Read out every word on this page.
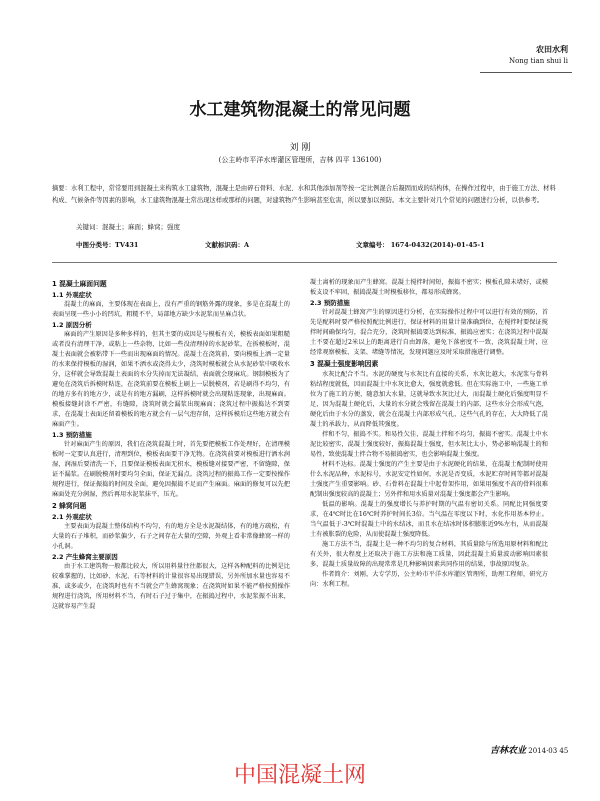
农田水利
Nong tian shui li
水工建筑物混凝土的常见问题
刘 刚
(公主岭市平洋水库灌区管理所，吉林 四平 136100)
摘要：水利工程中，常常要用到混凝土来构筑水工建筑物，混凝土是由碎石骨料、水泥、水和其他添加剂等按一定比例混合后凝固而成的结构体，在操作过程中，由于施工方法、材料构成、气候条件等因素的影响，水工建筑物混凝土常出现这样或那样的问题，对建筑物产生影响甚至危害，所以要加以预防。本文主要针对几个常见的问题进行分析，以供参考。
关键词：混凝土；麻面；蜂窝；强度
中图分类号：TV431	文献标识码：A	文章编号： 1674-0432(2014)-01-45-1

1 混凝土麻面问题

1.1 外观症状

混凝土的麻面，主要体现在表面上，没有严重的钢筋外露的现象，多是在混凝土的表面呈现一些小小的凹坑，粗糙不平，局部地方缺少水泥浆而呈麻点状。

1.2 原因分析

麻面的产生原因是多种多样的，但其主要的成因是与模板有关，模板表面如果粗糙或者没有清理干净，或粘上一些杂物，比如一些没清理掉的水泥砂浆，在拆模板时，混凝土表面就会被粘带下一些而出现麻面的情况。混凝土在浇筑前，要向模板上洒一定量的水来保持模板的湿润，如果不洒水或浇得太少，浇筑时模板就会从水泥砂浆中吸收水分，这样就会导致混凝土表面的水分失掉而无法凝结，表面就会现麻坑。钢制模板为了避免在浇筑后拆模时粘连，在浇筑前要在模板上刷上一层脱模剂，若是刷得不均匀，有的地方多有的地方少，或是有的地方漏刷，这样拆模时就会出现粘连现象，出现麻面。模板接缝封涂不严密，有缝隙，浇筑时就会漏浆出现麻面；浇筑过程中振捣达不到要求，在混凝土表面还留着模板的地方就会有一层气泡存留，这样拆模后这些地方就会有麻面产生。

1.3 预防措施

针对麻面产生的原因，我们在浇筑混凝土时，首先要把模板工作处理好，在清理模板时一定要认真进行，清理到位，模板表面要干净无物。在浇筑前要对模板进行洒水润湿，润湿后要清洗一下，且要保证模板表面无积水，模板缝对接要严密，不留缝隙，保证不漏浆。在刷脱模剂时要均匀全面，保证无漏点。浇筑过程的振捣工作一定要按操作规程进行，保证振捣的时间及全面，避免因振捣不足而产生麻面。麻面的修复可以先把麻面处充分润湿，然后再用水泥浆抹平，压光。

2 蜂窝问题

2.1 外观症状

主要表面为混凝土整体结构不均匀，有的地方全是水泥凝结体，有的地方疏松，有大量的石子堆积，而砂浆偏少，石子之间存在大量的空隙，外观上看非常像蜂窝一样的小孔洞。

2.2 产生蜂窝主要原因

由于水工建筑物一般都比较大，所以用料量往往都很大，这样各种配料的比例是比较难掌握的，比如砂、水泥、石等材料的计量很容易出现错误，另外所加水量也容易不准，或多或少，在浇筑时也有不当就会产生蜂窝现象；在浇筑时如果不能严格按照操作规程进行浇筑，所用材料不当，有时石子过于集中，在振捣过程中，水泥浆振不出来，这就容易产生混

凝土离析的现象而产生蜂窝。混凝土搅拌时间短，振捣不密实；模板孔隙未堵好，或模板支设不牢固，振捣混凝土时模板移位，都易形成蜂窝。

2.3 预防措施

针对混凝土蜂窝产生的原因进行分析，在实际操作过程中可以进行有效的预防，首先是配料时要严格按照配比例进行，保证材料的用量计量准确到位，在搅拌时要保证搅拌时间确保均匀，混合充分，浇筑时振捣要达到标准，振捣应密实；在浇筑过程中混凝土不要在超过2米以上的距离进行自由卸落，避免下落密度不一致，浇筑混凝土时，应经常观察模板、支架、堵缝等情况，发现问题应及时采取措施进行调整。

3 混凝土强度影响因素

水灰比配合不当。水泥的硬度与水灰比有直接的关系，水灰比越大，水泥浆与骨料粘结程度就低，因而混凝土中水灰比愈大，强度就愈低。但在实际施工中，一些施工单位为了施工的方便，随意加大水量，这就导致水灰比过大，而混凝土硬化后强度明显不足，因为混凝土硬化后，大量的水分就会残留在混凝土的内部，这些水分会形成气泡，硬化后由于水分的蒸发，就会在混凝土内部形成气孔，这些气孔的存在，大大降低了混凝土的承载力，从而降低其强度。

拌和不匀，振捣不实。和易性欠佳，混凝土拌和不均匀，振捣不密实。混凝土中水泥比较密实，混凝土强度较好，振捣混凝土强度，但水灰比太小，势必影响混凝土的和易性，致使混凝土拌合物不易振捣密实，也会影响混凝土强度。

材料不达标。混凝土强度的产生主要是由于水泥硬化的结果，在混凝土配制时使用什么水泥品种，水泥标号，水泥安定性如何，水泥是否变质，水泥贮存时间等都对混凝土强度产生重要影响。砂、石骨料在混凝土中起骨架作用，如果用强度不高的骨料很难配制出强度较高的混凝土；另外拌和用水质量对混凝土强度都会产生影响。

低温的影响。混凝土的强度增长与养护时期的气温有密切关系。同配比同强度要求，在4℃时比在16℃时养护时间长3倍。当气温在零度以下时，水化作用基本停止。当气温低于-3℃时混凝土中的水结冰，而且水在结冰时体积膨胀近9%左右，从而混凝土有被胀裂的危险，从而使混凝土强度降低。

施工方法不当，混凝土是一种不均匀的复合材料，其质量除与所选用原材料和配比有关外，很大程度上还取决于施工方法和施工质量，因此混凝土质量波动影响因素很多，混凝土质量故障的出现常常是几种影响因素共同作用的结果，事故原因复杂。

作者简介：刘刚，大专学历，公主岭市平洋水库灌区管理所，助理工程师，研究方向：水利工程。

吉林农业 2014·03 45
中国混凝土网
